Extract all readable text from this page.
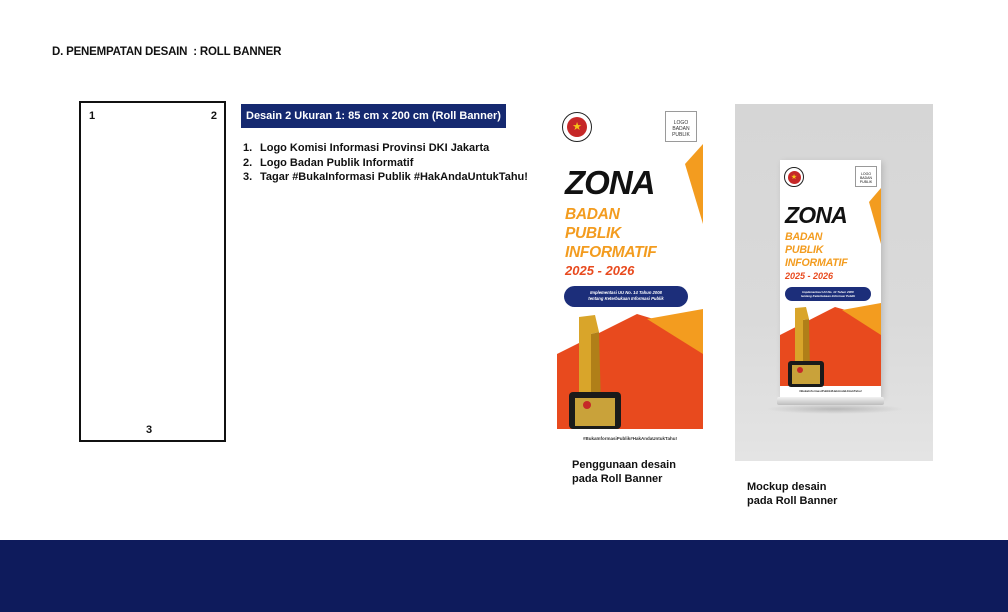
D. PENEMPATAN DESAIN  : ROLL BANNER
1	2
3
Desain 2 Ukuran 1: 85 cm x 200 cm (Roll Banner)
1. Logo Komisi Informasi Provinsi DKI Jakarta
2. Logo Badan Publik Informatif
3. Tagar #BukaInformasi Publik #HakAndaUntukTahu!
★	LOGO BADAN PUBLIK
ZONA
BADAN
PUBLIK
INFORMATIF
2025 - 2026
Implementasi UU No. 14 Tahun 2008
tentang Keterbukaan Informasi Publik
#BukaInformasiPublik#HakAndaUntukTahu!
Penggunaan desain
pada Roll Banner
★	LOGO BADAN PUBLIK
ZONA
BADAN
PUBLIK
INFORMATIF
2025 - 2026
Implementasi UU No. 14 Tahun 2008
tentang Keterbukaan Informasi Publik
#BukaInformasiPublik#HakAndaUntukTahu!
Mockup desain
pada Roll Banner
